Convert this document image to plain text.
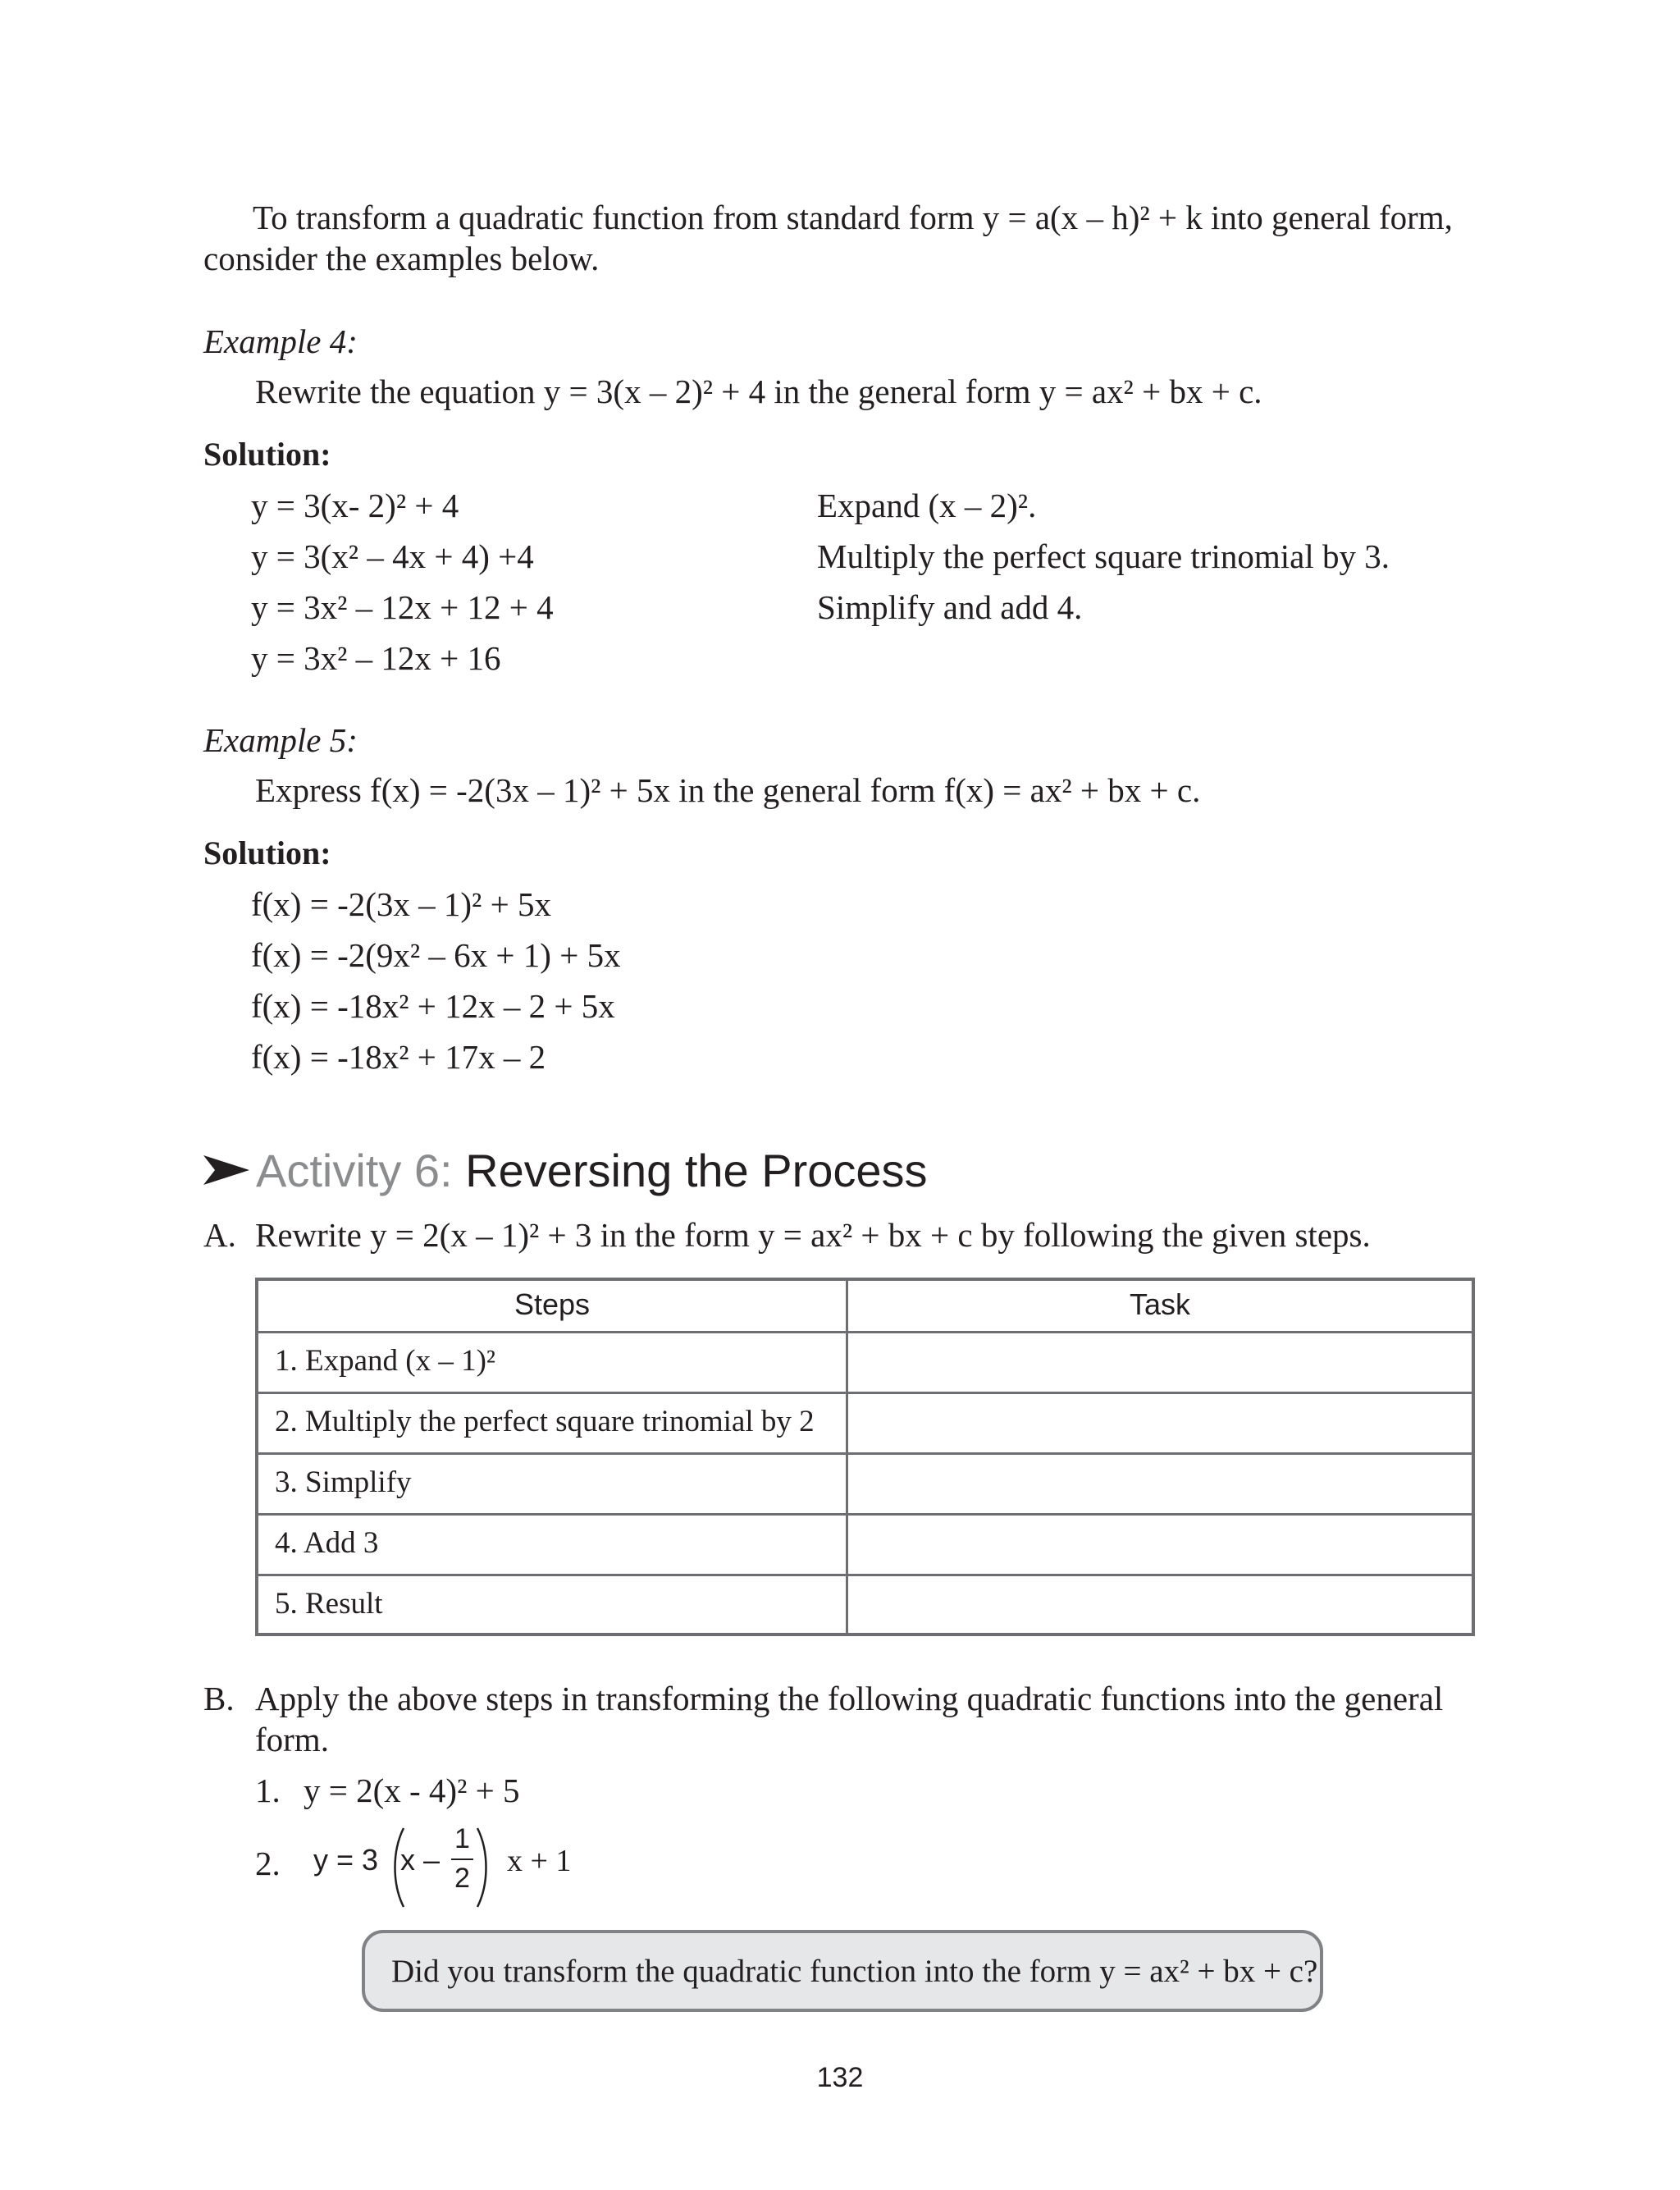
To transform a quadratic function from standard form y = a(x – h)² + k into general form,
consider the examples below.
Example 4:
Rewrite the equation y = 3(x – 2)² + 4 in the general form y = ax² + bx + c.
Solution:
y = 3(x- 2)² + 4
y = 3(x² – 4x + 4) +4
y = 3x² – 12x + 12 + 4
y = 3x² – 12x + 16
Expand (x – 2)².
Multiply the perfect square trinomial by 3.
Simplify and add 4.
Example 5:
Express f(x) = -2(3x – 1)² + 5x in the general form f(x) = ax² + bx + c.
Solution:
f(x) = -2(3x – 1)² + 5x
f(x) = -2(9x² – 6x + 1) + 5x
f(x) = -18x² + 12x – 2 + 5x
f(x) = -18x² + 17x – 2
Activity 6: Reversing the Process
A. Rewrite y = 2(x – 1)² + 3 in the form y = ax² + bx + c by following the given steps.
Steps	Task
1. Expand (x – 1)²
2. Multiply the perfect square trinomial by 2
3. Simplify
4. Add 3
5. Result
B. Apply the above steps in transforming the following quadratic functions into the general
form.
1. y = 2(x - 4)² + 5
2. y = 3 x –
1
2 x + 1
Did you transform the quadratic function into the form y = ax² + bx + c?
132
